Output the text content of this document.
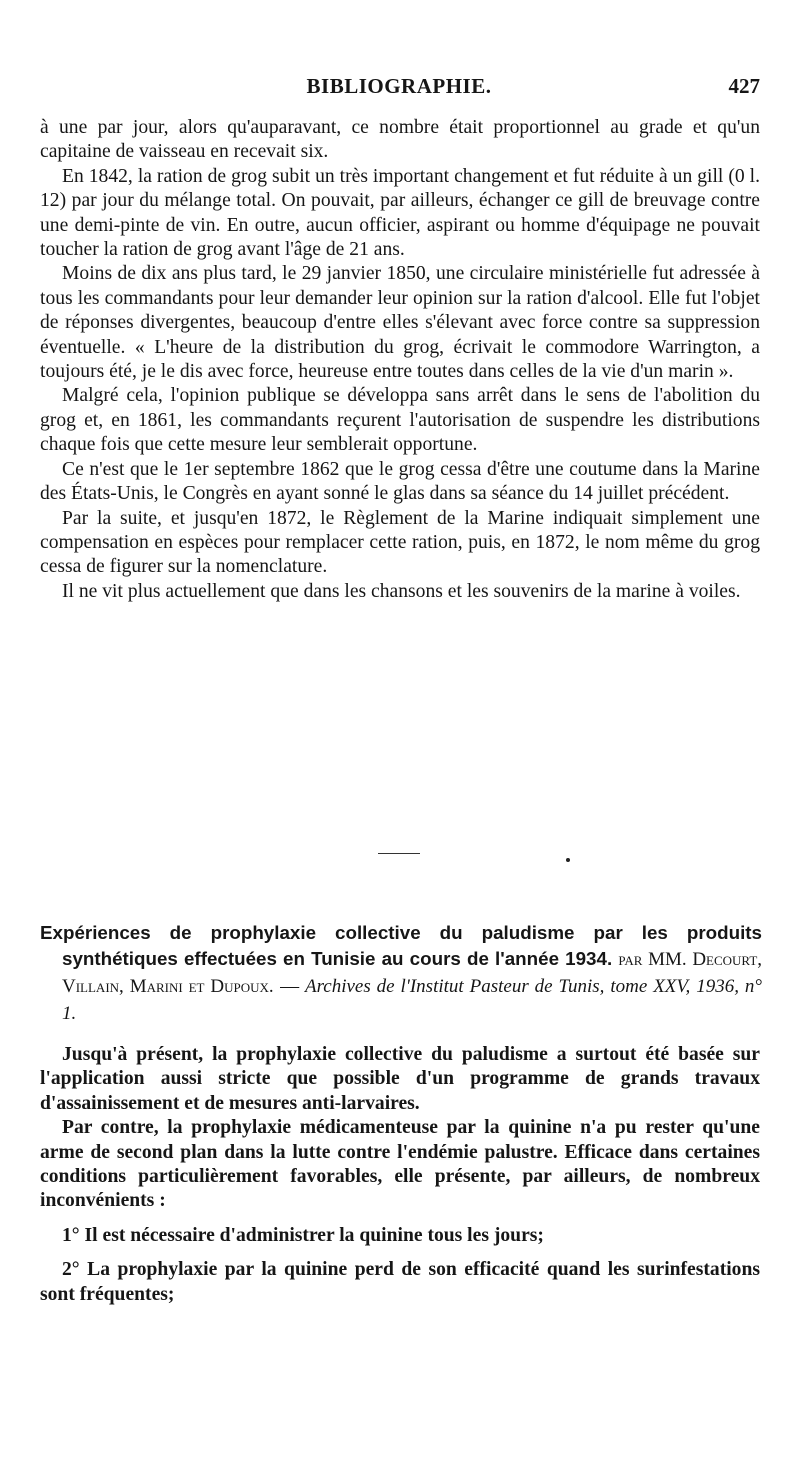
BIBLIOGRAPHIE.	427

à une par jour, alors qu'auparavant, ce nombre était proportionnel au grade et qu'un capitaine de vaisseau en recevait six.

En 1842, la ration de grog subit un très important changement et fut réduite à un gill (0 l. 12) par jour du mélange total. On pouvait, par ailleurs, échanger ce gill de breuvage contre une demi-pinte de vin. En outre, aucun officier, aspirant ou homme d'équipage ne pouvait toucher la ration de grog avant l'âge de 21 ans.

Moins de dix ans plus tard, le 29 janvier 1850, une circulaire ministérielle fut adressée à tous les commandants pour leur demander leur opinion sur la ration d'alcool. Elle fut l'objet de réponses divergentes, beaucoup d'entre elles s'élevant avec force contre sa suppression éventuelle. « L'heure de la distribution du grog, écrivait le commodore Warrington, a toujours été, je le dis avec force, heureuse entre toutes dans celles de la vie d'un marin ».

Malgré cela, l'opinion publique se développa sans arrêt dans le sens de l'abolition du grog et, en 1861, les commandants reçurent l'autorisation de suspendre les distributions chaque fois que cette mesure leur semblerait opportune.

Ce n'est que le 1er septembre 1862 que le grog cessa d'être une coutume dans la Marine des États-Unis, le Congrès en ayant sonné le glas dans sa séance du 14 juillet précédent.

Par la suite, et jusqu'en 1872, le Règlement de la Marine indiquait simplement une compensation en espèces pour remplacer cette ration, puis, en 1872, le nom même du grog cessa de figurer sur la nomenclature.

Il ne vit plus actuellement que dans les chansons et les souvenirs de la marine à voiles.

Expériences de prophylaxie collective du paludisme par les produits synthétiques effectuées en Tunisie au cours de l'année 1934. par MM. Decourt, Villain, Marini et Dupoux. — Archives de l'Institut Pasteur de Tunis, tome XXV, 1936, n° 1.

Jusqu'à présent, la prophylaxie collective du paludisme a surtout été basée sur l'application aussi stricte que possible d'un programme de grands travaux d'assainissement et de mesures anti-larvaires.

Par contre, la prophylaxie médicamenteuse par la quinine n'a pu rester qu'une arme de second plan dans la lutte contre l'endémie palustre. Efficace dans certaines conditions particulièrement favorables, elle présente, par ailleurs, de nombreux inconvénients :

1° Il est nécessaire d'administrer la quinine tous les jours;

2° La prophylaxie par la quinine perd de son efficacité quand les surinfestations sont fréquentes;
